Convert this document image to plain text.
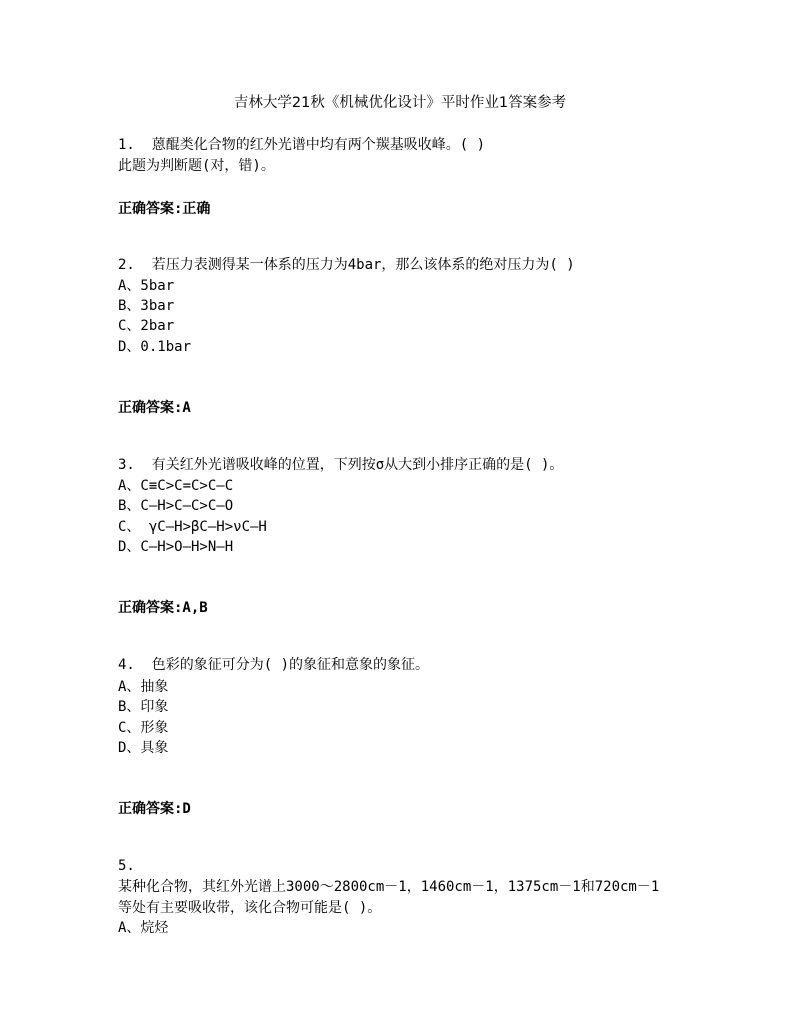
吉林大学21秋《机械优化设计》平时作业1答案参考
1.  蒽醌类化合物的红外光谱中均有两个羰基吸收峰。( )
此题为判断题(对，错)。
正确答案:正确
2.  若压力表测得某一体系的压力为4bar，那么该体系的绝对压力为( )
A、5bar
B、3bar
C、2bar
D、0.1bar
正确答案:A
3.  有关红外光谱吸收峰的位置，下列按σ从大到小排序正确的是( )。
A、C≡C>C=C>C—C
B、C—H>C—C>C—O
C、 γC—H>βC—H>νC—H
D、C—H>O—H>N—H
正确答案:A,B
4.  色彩的象征可分为( )的象征和意象的象征。
A、抽象
B、印象
C、形象
D、具象
正确答案:D
5.
某种化合物，其红外光谱上3000～2800cm－1，1460cm－1，1375cm－1和720cm－1
等处有主要吸收带，该化合物可能是( )。
A、烷烃
